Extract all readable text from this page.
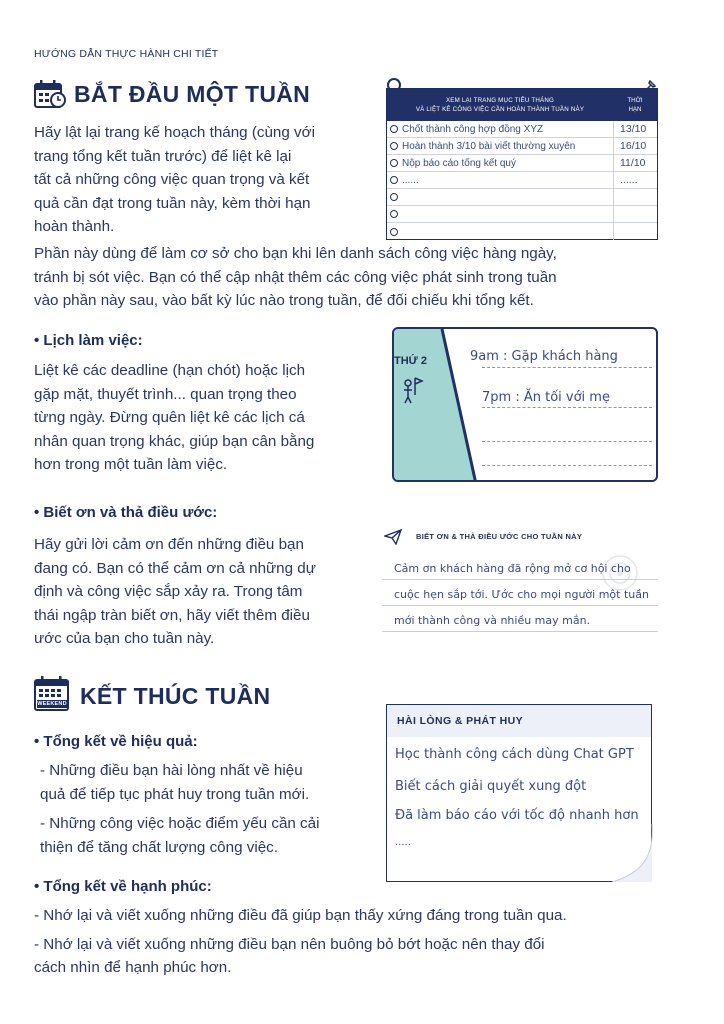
HƯỚNG DẪN THỰC HÀNH CHI TIẾT
BẮT ĐẦU MỘT TUẦN
Hãy lật lại trang kế hoạch tháng (cùng với
trang tổng kết tuần trước) để liệt kê lại
tất cả những công việc quan trọng và kết
quả cần đạt trong tuần này, kèm thời hạn
hoàn thành.
Phần này dùng để làm cơ sở cho bạn khi lên danh sách công việc hàng ngày,
tránh bị sót việc. Bạn có thể cập nhật thêm các công việc phát sinh trong tuần
vào phần này sau, vào bất kỳ lúc nào trong tuần, để đối chiếu khi tổng kết.
XEM LẠI TRANG MỤC TIÊU THÁNG
VÀ LIỆT KÊ CÔNG VIỆC CẦN HOÀN THÀNH TUẦN NÀY
THỜI
HẠN
Chốt thành công hợp đồng XYZ	13/10
Hoàn thành 3/10 bài viết thường xuyên	16/10
Nộp báo cáo tổng kết quý	11/10
......	......
• Lịch làm việc:
Liệt kê các deadline (hạn chót) hoặc lịch
gặp mặt, thuyết trình... quan trọng theo
từng ngày. Đừng quên liệt kê các lịch cá
nhân quan trọng khác, giúp bạn cân bằng
hơn trong một tuần làm việc.
THỨ 2	9am : Gặp khách hàng
7pm : Ăn tối với mẹ
• Biết ơn và thả điều ước:
Hãy gửi lời cảm ơn đến những điều bạn
đang có. Bạn có thể cảm ơn cả những dự
định và công việc sắp xảy ra. Trong tâm
thái ngập tràn biết ơn, hãy viết thêm điều
ước của bạn cho tuần này.
BIẾT ƠN & THẢ ĐIỀU ƯỚC CHO TUẦN NÀY
Cảm ơn khách hàng đã rộng mở cơ hội cho
cuộc hẹn sắp tới. Ước cho mọi người một tuần
mới thành công và nhiều may mắn.
WEEKEND KẾT THÚC TUẦN
• Tổng kết về hiệu quả:
- Những điều bạn hài lòng nhất về hiệu
quả để tiếp tục phát huy trong tuần mới.
- Những công việc hoặc điểm yếu cần cải
thiện để tăng chất lượng công việc.
HÀI LÒNG & PHÁT HUY
Học thành công cách dùng Chat GPT
Biết cách giải quyết xung đột
Đã làm báo cáo với tốc độ nhanh hơn
.....
• Tổng kết về hạnh phúc:
- Nhớ lại và viết xuống những điều đã giúp bạn thấy xứng đáng trong tuần qua.
- Nhớ lại và viết xuống những điều bạn nên buông bỏ bớt hoặc nên thay đổi
cách nhìn để hạnh phúc hơn.
